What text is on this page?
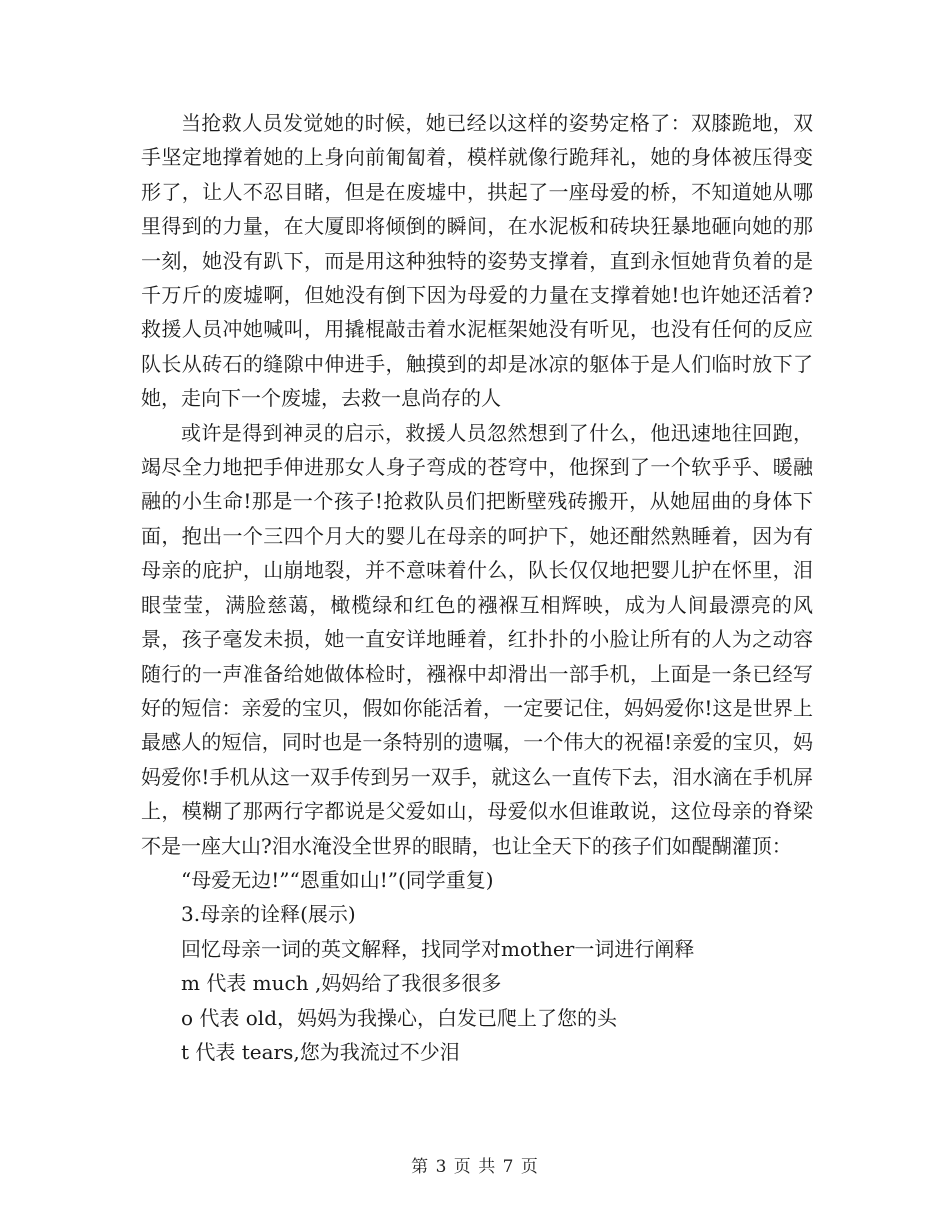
当抢救人员发觉她的时候，她已经以这样的姿势定格了：双膝跪地，双手坚定地撑着她的上身向前匍匐着，模样就像行跪拜礼，她的身体被压得变形了，让人不忍目睹，但是在废墟中，拱起了一座母爱的桥，不知道她从哪里得到的力量，在大厦即将倾倒的瞬间，在水泥板和砖块狂暴地砸向她的那一刻，她没有趴下，而是用这种独特的姿势支撑着，直到永恒她背负着的是千万斤的废墟啊，但她没有倒下因为母爱的力量在支撑着她!也许她还活着?救援人员冲她喊叫，用撬棍敲击着水泥框架她没有听见，也没有任何的反应队长从砖石的缝隙中伸进手，触摸到的却是冰凉的躯体于是人们临时放下了她，走向下一个废墟，去救一息尚存的人

或许是得到神灵的启示，救援人员忽然想到了什么，他迅速地往回跑，竭尽全力地把手伸进那女人身子弯成的苍穹中，他探到了一个软乎乎、暖融融的小生命!那是一个孩子!抢救队员们把断壁残砖搬开，从她屈曲的身体下面，抱出一个三四个月大的婴儿在母亲的呵护下，她还酣然熟睡着，因为有母亲的庇护，山崩地裂，并不意味着什么，队长仅仅地把婴儿护在怀里，泪眼莹莹，满脸慈蔼，橄榄绿和红色的襁褓互相辉映，成为人间最漂亮的风景，孩子毫发未损，她一直安详地睡着，红扑扑的小脸让所有的人为之动容随行的一声准备给她做体检时，襁褓中却滑出一部手机，上面是一条已经写好的短信：亲爱的宝贝，假如你能活着，一定要记住，妈妈爱你!这是世界上最感人的短信，同时也是一条特别的遗嘱，一个伟大的祝福!亲爱的宝贝，妈妈爱你!手机从这一双手传到另一双手，就这么一直传下去，泪水滴在手机屏上，模糊了那两行字都说是父爱如山，母爱似水但谁敢说，这位母亲的脊梁不是一座大山?泪水淹没全世界的眼睛，也让全天下的孩子们如醍醐灌顶：

“母爱无边!”“恩重如山!”(同学重复)

3.母亲的诠释(展示)

回忆母亲一词的英文解释，找同学对mother一词进行阐释

m 代表 much ,妈妈给了我很多很多

o 代表 old，妈妈为我操心，白发已爬上了您的头

t 代表 tears,您为我流过不少泪

第 3 页 共 7 页
